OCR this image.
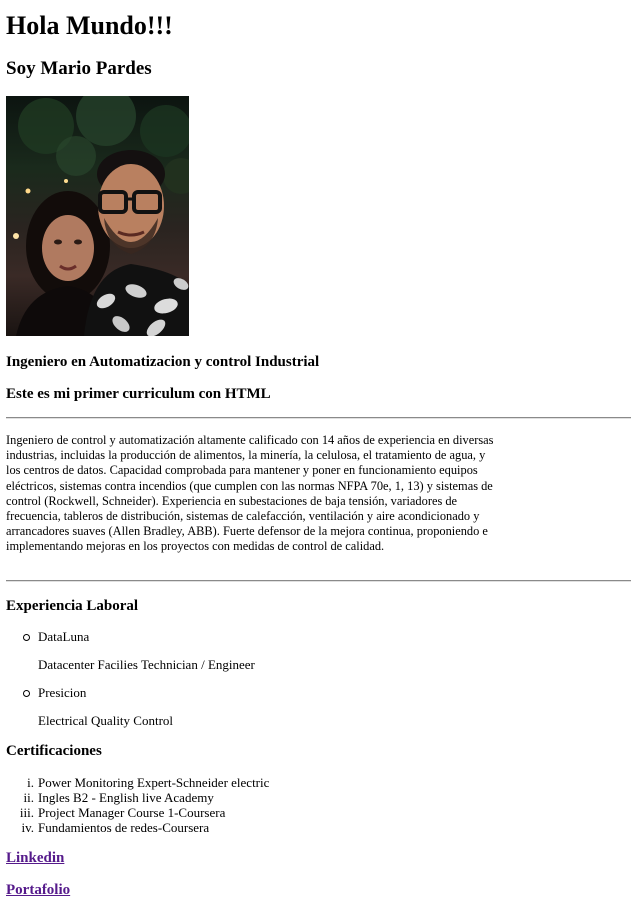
Hola Mundo!!!
Soy Mario Pardes
Ingeniero en Automatizacion y control Industrial
Este es mi primer curriculum con HTML

Ingeniero de control y automatización altamente calificado con 14 años de experiencia en diversas industrias, incluidas la producción de alimentos, la minería, la celulosa, el tratamiento de agua, y los centros de datos. Capacidad comprobada para mantener y poner en funcionamiento equipos eléctricos, sistemas contra incendios (que cumplen con las normas NFPA 70e, 1, 13) y sistemas de control (Rockwell, Schneider). Experiencia en subestaciones de baja tensión, variadores de frecuencia, tableros de distribución, sistemas de calefacción, ventilación y aire acondicionado y arrancadores suaves (Allen Bradley, ABB). Fuerte defensor de la mejora continua, proponiendo e implementando mejoras en los proyectos con medidas de control de calidad.

Experiencia Laboral
DataLuna
Datacenter Facilies Technician / Engineer
Presicion
Electrical Quality Control
Certificaciones
i. Power Monitoring Expert-Schneider electric
ii. Ingles B2 - English live Academy
iii. Project Manager Course 1-Coursera
iv. Fundamientos de redes-Coursera
Linkedin
Portafolio
